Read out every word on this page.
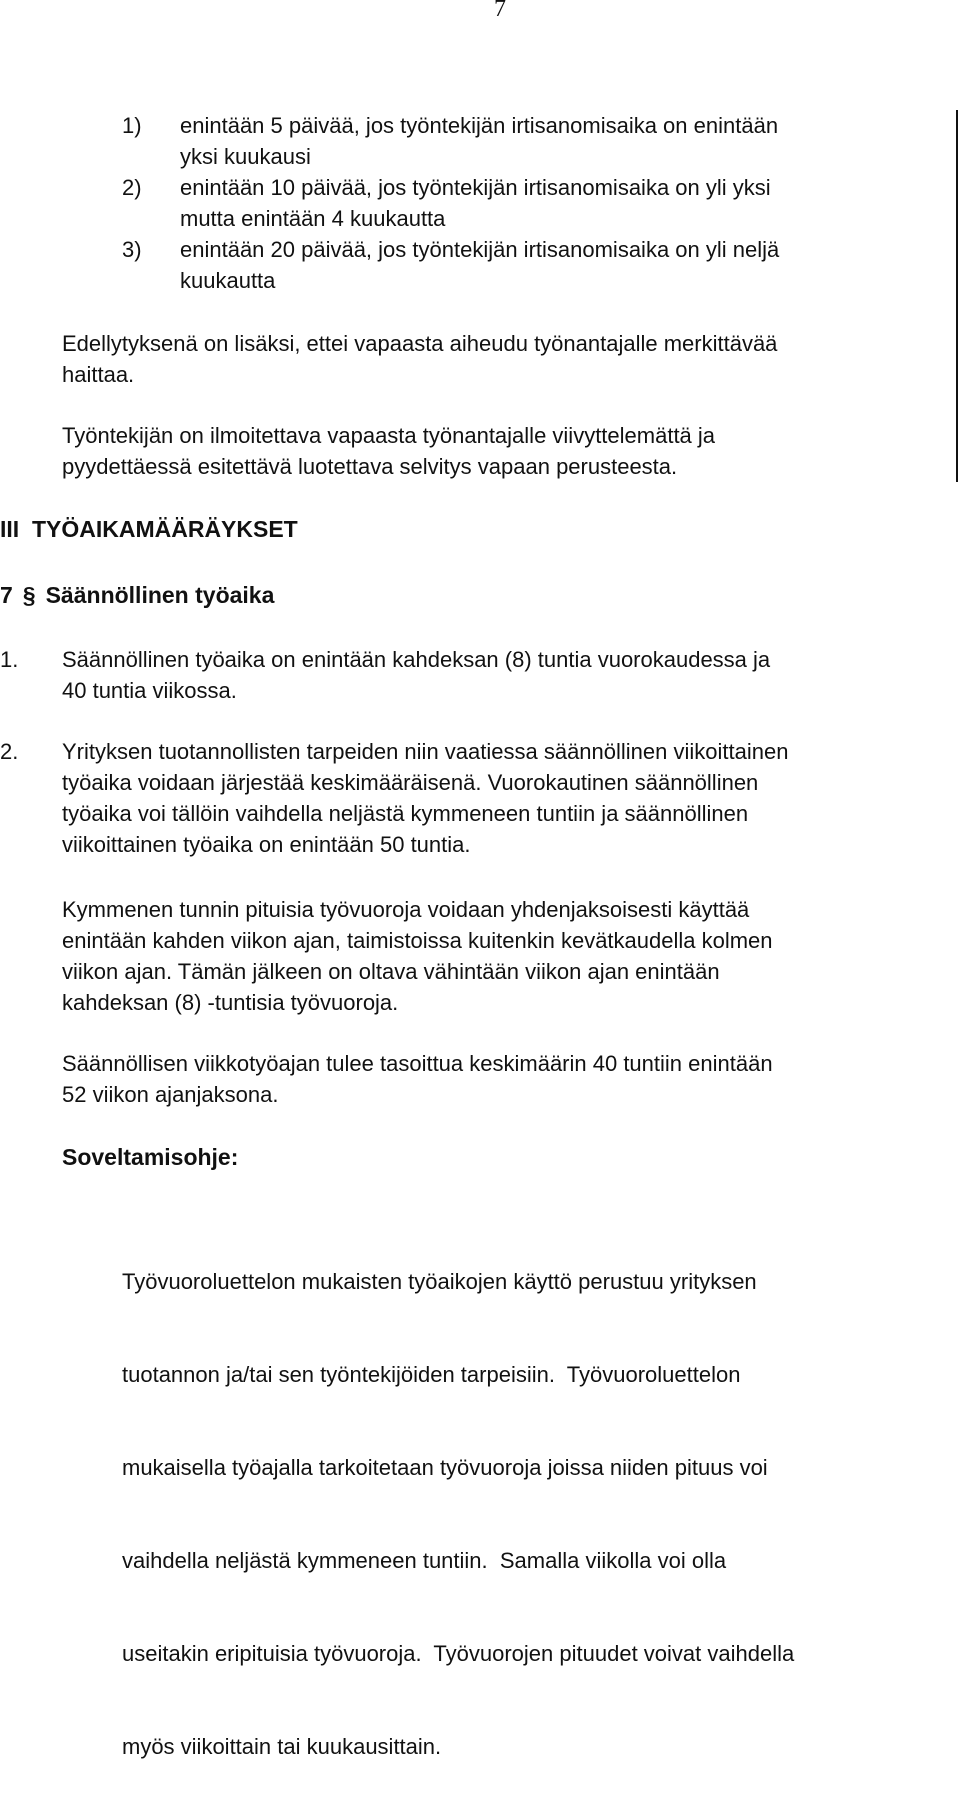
7
1) enintään 5 päivää, jos työntekijän irtisanomisaika on enintään
yksi kuukausi
2) enintään 10 päivää, jos työntekijän irtisanomisaika on yli yksi
mutta enintään 4 kuukautta
3) enintään 20 päivää, jos työntekijän irtisanomisaika on yli neljä
kuukautta
Edellytyksenä on lisäksi, ettei vapaasta aiheudu työnantajalle merkittävää
haittaa.
Työntekijän on ilmoitettava vapaasta työnantajalle viivyttelemättä ja
pyydettäessä esitettävä luotettava selvitys vapaan perusteesta.
III  TYÖAIKAMÄÄRÄYKSET
7 § Säännöllinen työaika
1. Säännöllinen työaika on enintään kahdeksan (8) tuntia vuorokaudessa ja
40 tuntia viikossa.
2. Yrityksen tuotannollisten tarpeiden niin vaatiessa säännöllinen viikoittainen
työaika voidaan järjestää keskimääräisenä. Vuorokautinen säännöllinen
työaika voi tällöin vaihdella neljästä kymmeneen tuntiin ja säännöllinen
viikoittainen työaika on enintään 50 tuntia.
Kymmenen tunnin pituisia työvuoroja voidaan yhdenjaksoisesti käyttää
enintään kahden viikon ajan, taimistoissa kuitenkin kevätkaudella kolmen
viikon ajan. Tämän jälkeen on oltava vähintään viikon ajan enintään
kahdeksan (8) -tuntisia työvuoroja.
Säännöllisen viikkotyöajan tulee tasoittua keskimäärin 40 tuntiin enintään
52 viikon ajanjaksona.
Soveltamisohje:

Työvuoroluettelon mukaisten työaikojen käyttö perustuu yrityksen

tuotannon ja/tai sen työntekijöiden tarpeisiin.  Työvuoroluettelon

mukaisella työajalla tarkoitetaan työvuoroja joissa niiden pituus voi

vaihdella neljästä kymmeneen tuntiin.  Samalla viikolla voi olla

useitakin eripituisia työvuoroja.  Työvuorojen pituudet voivat vaihdella

myös viikoittain tai kuukausittain.
